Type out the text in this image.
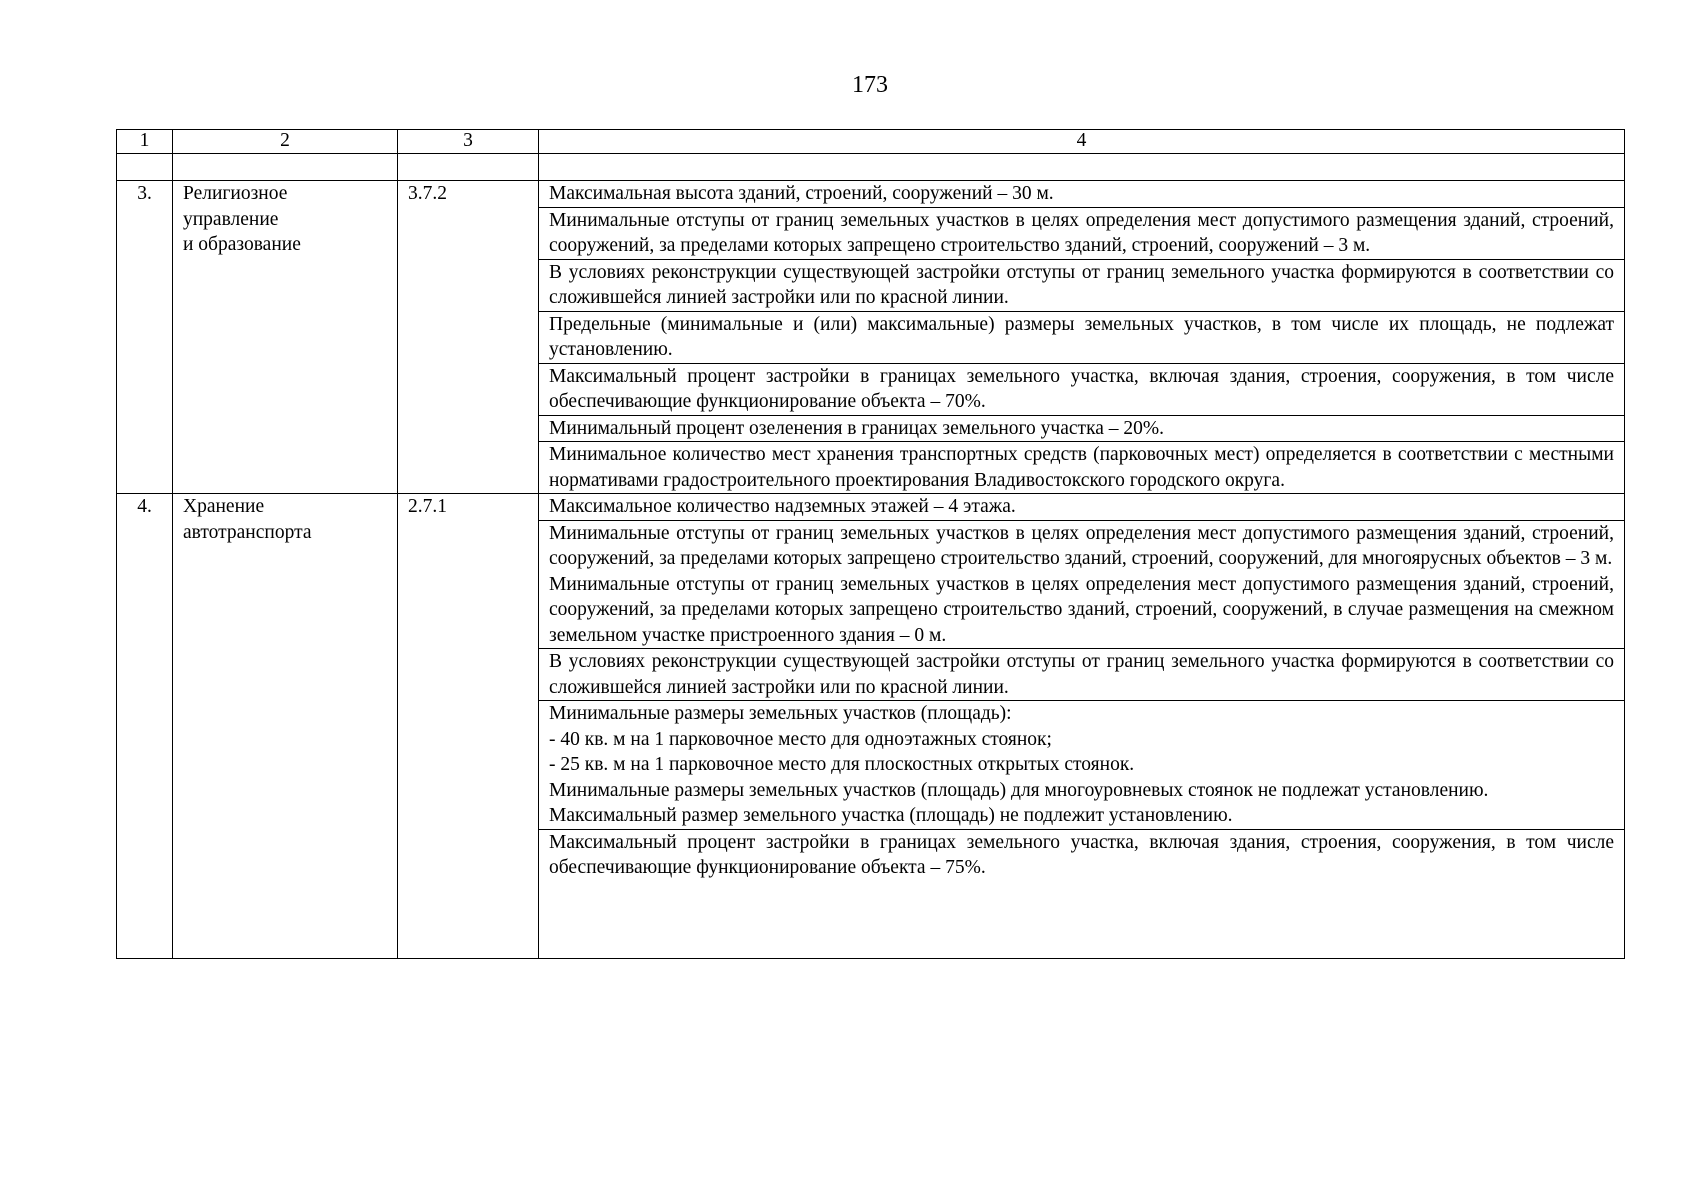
173
1	2	3	4

3.	Религиозное
управление
и образование	3.7.2	Максимальная высота зданий, строений, сооружений – 30 м.

			Минимальные отступы от границ земельных участков в целях определения мест допустимого размещения зданий, строений, сооружений, за пределами которых запрещено строительство зданий, строений, сооружений – 3 м.

			В условиях реконструкции существующей застройки отступы от границ земельного участка формируются в соответствии со сложившейся линией застройки или по красной линии.

			Предельные (минимальные и (или) максимальные) размеры земельных участков, в том числе их площадь, не подлежат установлению.

			Максимальный процент застройки в границах земельного участка, включая здания, строения, сооружения, в том числе обеспечивающие функционирование объекта – 70%.

			Минимальный процент озеленения в границах земельного участка – 20%.

			Минимальное количество мест хранения транспортных средств (парковочных мест) определяется в соответствии с местными нормативами градостроительного проектирования Владивостокского городского округа.

4.	Хранение
автотранспорта	2.7.1	Максимальное количество надземных этажей – 4 этажа.

			Минимальные отступы от границ земельных участков в целях определения мест допустимого размещения зданий, строений, сооружений, за пределами которых запрещено строительство зданий, строений, сооружений, для многоярусных объектов – 3 м.
Минимальные отступы от границ земельных участков в целях определения мест допустимого размещения зданий, строений, сооружений, за пределами которых запрещено строительство зданий, строений, сооружений, в случае размещения на смежном земельном участке пристроенного здания – 0 м.

			В условиях реконструкции существующей застройки отступы от границ земельного участка формируются в соответствии со сложившейся линией застройки или по красной линии.

			Минимальные размеры земельных участков (площадь):
- 40 кв. м на 1 парковочное место для одноэтажных стоянок;
- 25 кв. м на 1 парковочное место для плоскостных открытых стоянок.
Минимальные размеры земельных участков (площадь) для многоуровневых стоянок не подлежат установлению.
Максимальный размер земельного участка (площадь) не подлежит установлению.

			Максимальный процент застройки в границах земельного участка, включая здания, строения, сооружения, в том числе обеспечивающие функционирование объекта – 75%.
